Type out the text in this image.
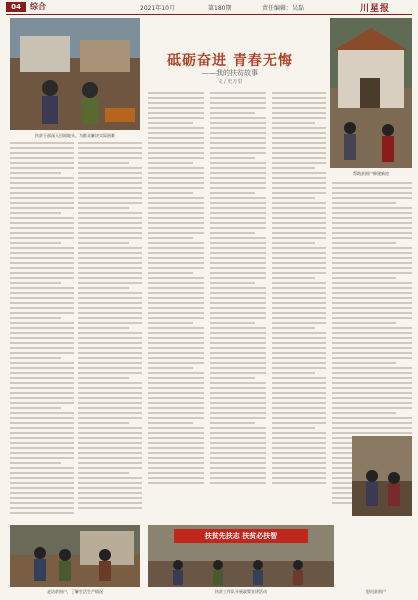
04	综合	2021年10月	第180期	责任编辑：吴磊	川星报
扶贫干部深入田间地头，为群众解决实际困难
砥砺奋进 青春无悔
——我的扶贫故事
文 / 史万里
帮助贫困户修建新房
走访贫困户，了解生活生产情况
扶贫先扶志 扶贫必扶智
扶贫工作队开展政策宣讲活动	慰问贫困户
